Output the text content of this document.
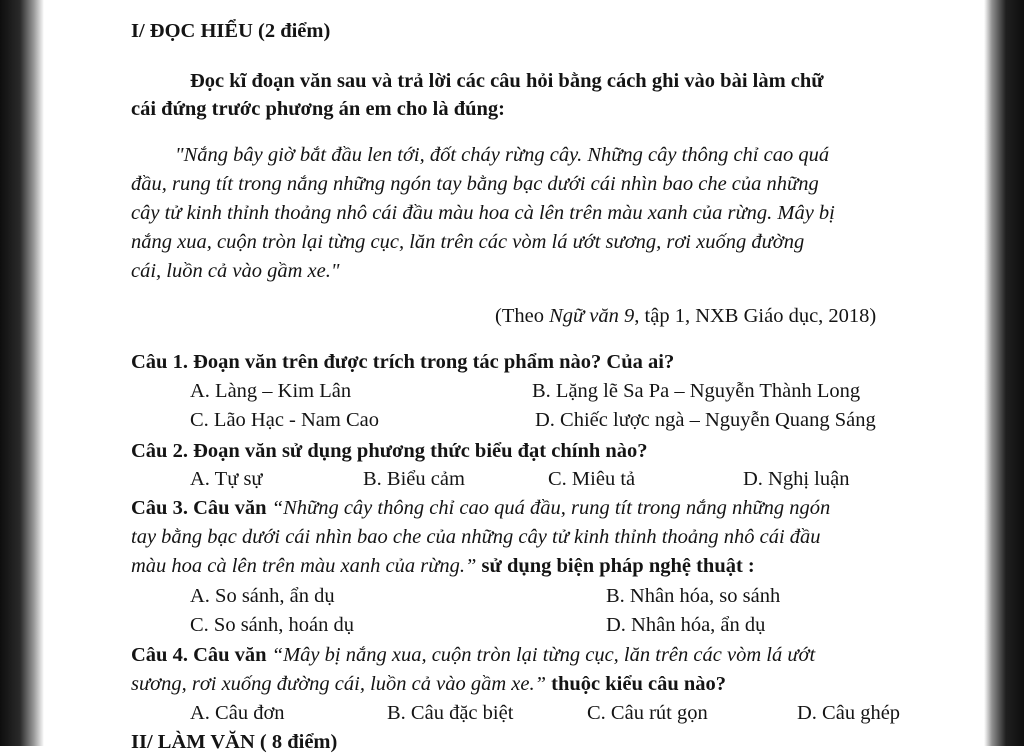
I/ ĐỌC HIỂU (2 điểm)
Đọc kĩ đoạn văn sau và trả lời các câu hỏi bằng cách ghi vào bài làm chữ
cái đứng trước phương án em cho là đúng:
"Nắng bây giờ bắt đầu len tới, đốt cháy rừng cây. Những cây thông chỉ cao quá
đầu, rung tít trong nắng những ngón tay bằng bạc dưới cái nhìn bao che của những
cây tử kinh thỉnh thoảng nhô cái đầu màu hoa cà lên trên màu xanh của rừng. Mây bị
nắng xua, cuộn tròn lại từng cục, lăn trên các vòm lá ướt sương, rơi xuống đường
cái, luồn cả vào gầm xe."
(Theo Ngữ văn 9, tập 1, NXB Giáo dục, 2018)
Câu 1. Đoạn văn trên được trích trong tác phẩm nào? Của ai?
A. Làng – Kim Lân	B. Lặng lẽ Sa Pa – Nguyễn Thành Long
C. Lão Hạc - Nam Cao	D. Chiếc lược ngà – Nguyễn Quang Sáng
Câu 2. Đoạn văn sử dụng phương thức biểu đạt chính nào?
A. Tự sự	B. Biểu cảm	C. Miêu tả	D. Nghị luận
Câu 3. Câu văn “Những cây thông chỉ cao quá đầu, rung tít trong nắng những ngón
tay bằng bạc dưới cái nhìn bao che của những cây tử kinh thỉnh thoảng nhô cái đầu
màu hoa cà lên trên màu xanh của rừng.” sử dụng biện pháp nghệ thuật :
A. So sánh, ẩn dụ	B. Nhân hóa, so sánh
C. So sánh, hoán dụ	D. Nhân hóa, ẩn dụ
Câu 4. Câu văn “Mây bị nắng xua, cuộn tròn lại từng cục, lăn trên các vòm lá ướt
sương, rơi xuống đường cái, luồn cả vào gầm xe.” thuộc kiểu câu nào?
A. Câu đơn	B. Câu đặc biệt	C. Câu rút gọn	D. Câu ghép
II/ LÀM VĂN ( 8 điểm)
